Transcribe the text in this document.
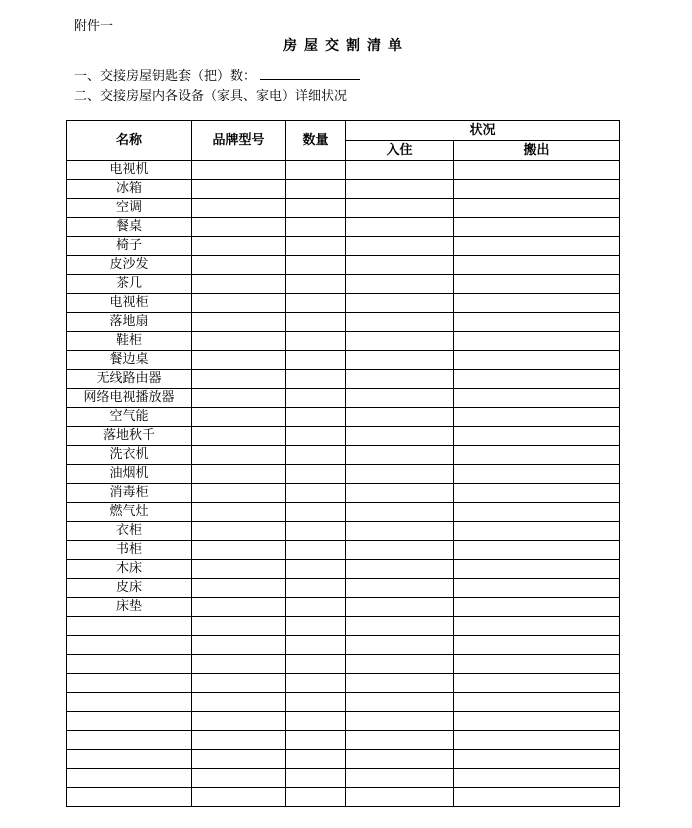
附件一
房屋交割清单
一、交接房屋钥匙套（把）数：
二、交接房屋内各设备（家具、家电）详细状况
名称	品牌型号	数量	状况	
			入住	搬出
电视机				
冰箱				
空调				
餐桌				
椅子				
皮沙发				
茶几				
电视柜				
落地扇				
鞋柜				
餐边桌				
无线路由器				
网络电视播放器				
空气能				
落地秋千				
洗衣机				
油烟机				
消毒柜				
燃气灶				
衣柜				
书柜				
木床				
皮床				
床垫				
